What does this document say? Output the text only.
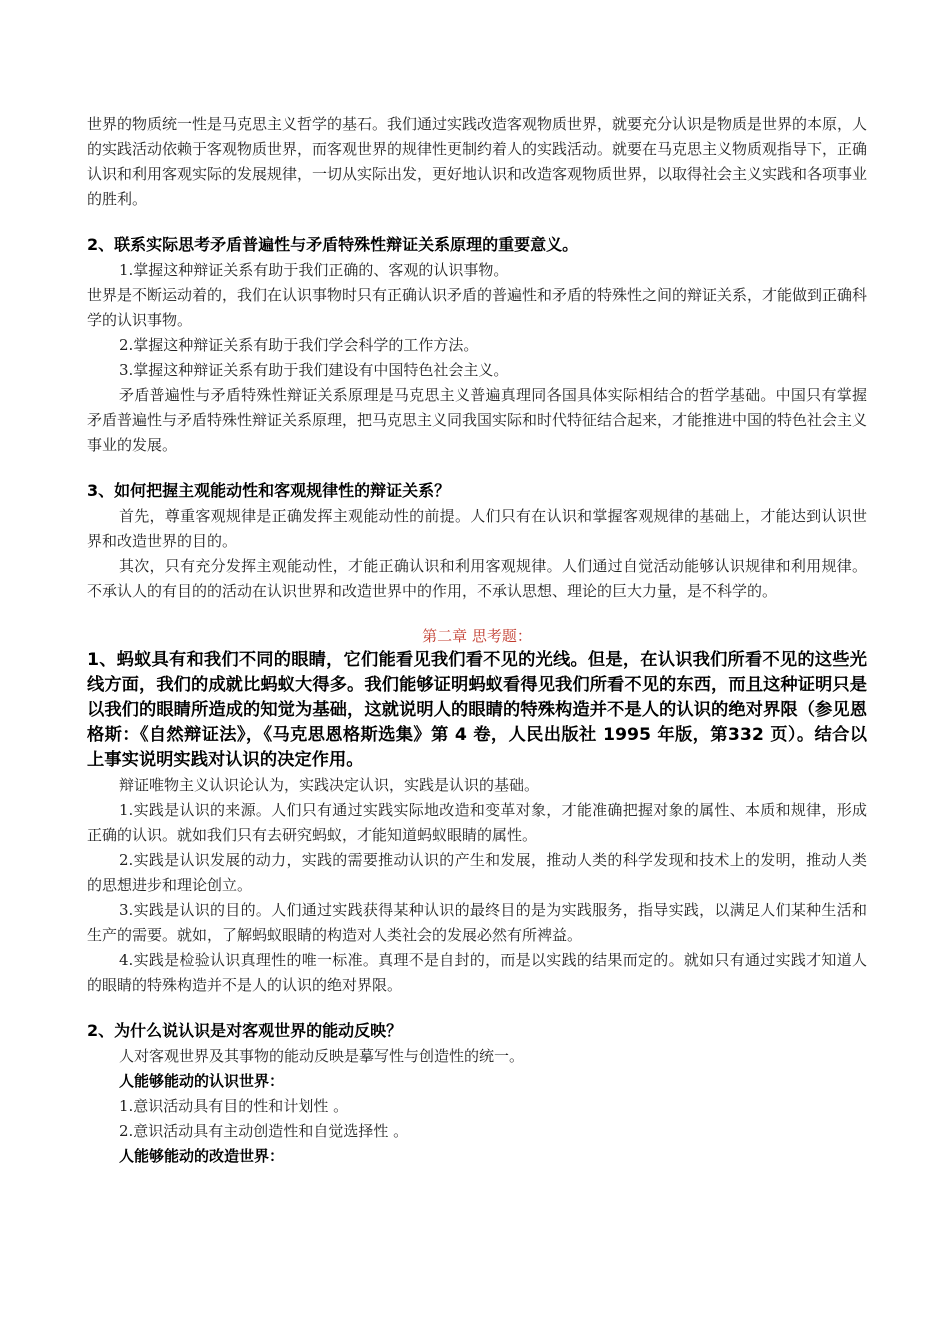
世界的物质统一性是马克思主义哲学的基石。我们通过实践改造客观物质世界，就要充分认识是物质是世界的本原，人的实践活动依赖于客观物质世界，而客观世界的规律性更制约着人的实践活动。就要在马克思主义物质观指导下，正确认识和利用客观实际的发展规律，一切从实际出发，更好地认识和改造客观物质世界，以取得社会主义实践和各项事业的胜利。

2、联系实际思考矛盾普遍性与矛盾特殊性辩证关系原理的重要意义。

1.掌握这种辩证关系有助于我们正确的、客观的认识事物。

世界是不断运动着的，我们在认识事物时只有正确认识矛盾的普遍性和矛盾的特殊性之间的辩证关系，才能做到正确科学的认识事物。

2.掌握这种辩证关系有助于我们学会科学的工作方法。

3.掌握这种辩证关系有助于我们建设有中国特色社会主义。

矛盾普遍性与矛盾特殊性辩证关系原理是马克思主义普遍真理同各国具体实际相结合的哲学基础。中国只有掌握矛盾普遍性与矛盾特殊性辩证关系原理，把马克思主义同我国实际和时代特征结合起来，才能推进中国的特色社会主义事业的发展。

3、如何把握主观能动性和客观规律性的辩证关系？

首先，尊重客观规律是正确发挥主观能动性的前提。人们只有在认识和掌握客观规律的基础上，才能达到认识世界和改造世界的目的。

其次，只有充分发挥主观能动性，才能正确认识和利用客观规律。人们通过自觉活动能够认识规律和利用规律。不承认人的有目的的活动在认识世界和改造世界中的作用，不承认思想、理论的巨大力量，是不科学的。

第二章 思考题：

1、蚂蚁具有和我们不同的眼睛，它们能看见我们看不见的光线。但是，在认识我们所看不见的这些光线方面，我们的成就比蚂蚁大得多。我们能够证明蚂蚁看得见我们所看不见的东西，而且这种证明只是以我们的眼睛所造成的知觉为基础，这就说明人的眼睛的特殊构造并不是人的认识的绝对界限（参见恩格斯：《自然辩证法》，《马克思恩格斯选集》第 4 卷，人民出版社 1995 年版，第332 页）。结合以上事实说明实践对认识的决定作用。

辩证唯物主义认识论认为，实践决定认识，实践是认识的基础。

1.实践是认识的来源。人们只有通过实践实际地改造和变革对象，才能准确把握对象的属性、本质和规律，形成正确的认识。就如我们只有去研究蚂蚁，才能知道蚂蚁眼睛的属性。

2.实践是认识发展的动力，实践的需要推动认识的产生和发展，推动人类的科学发现和技术上的发明，推动人类的思想进步和理论创立。

3.实践是认识的目的。人们通过实践获得某种认识的最终目的是为实践服务，指导实践，以满足人们某种生活和生产的需要。就如，了解蚂蚁眼睛的构造对人类社会的发展必然有所裨益。

4.实践是检验认识真理性的唯一标准。真理不是自封的，而是以实践的结果而定的。就如只有通过实践才知道人的眼睛的特殊构造并不是人的认识的绝对界限。

2、为什么说认识是对客观世界的能动反映？

人对客观世界及其事物的能动反映是摹写性与创造性的统一。

人能够能动的认识世界：

1.意识活动具有目的性和计划性 。

2.意识活动具有主动创造性和自觉选择性 。

人能够能动的改造世界：
